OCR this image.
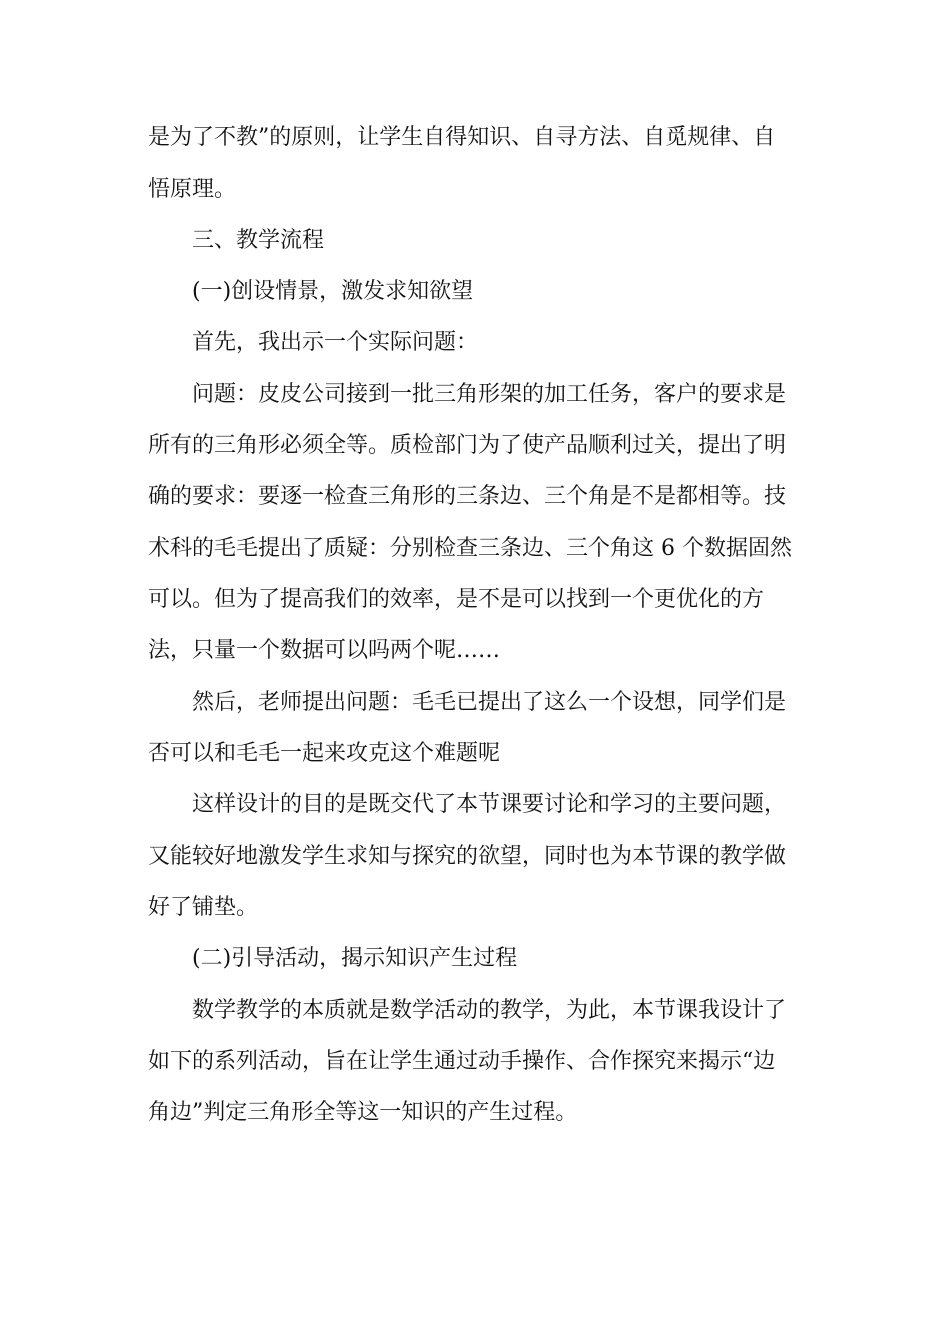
是为了不教”的原则，让学生自得知识、自寻方法、自觅规律、自
悟原理。
三、教学流程
(一)创设情景，激发求知欲望
首先，我出示一个实际问题：
问题：皮皮公司接到一批三角形架的加工任务，客户的要求是
所有的三角形必须全等。质检部门为了使产品顺利过关，提出了明
确的要求：要逐一检查三角形的三条边、三个角是不是都相等。技
术科的毛毛提出了质疑：分别检查三条边、三个角这 6 个数据固然
可以。但为了提高我们的效率，是不是可以找到一个更优化的方
法，只量一个数据可以吗两个呢……
然后，老师提出问题：毛毛已提出了这么一个设想，同学们是
否可以和毛毛一起来攻克这个难题呢
这样设计的目的是既交代了本节课要讨论和学习的主要问题，
又能较好地激发学生求知与探究的欲望，同时也为本节课的教学做
好了铺垫。
(二)引导活动，揭示知识产生过程
数学教学的本质就是数学活动的教学，为此，本节课我设计了
如下的系列活动，旨在让学生通过动手操作、合作探究来揭示“边
角边”判定三角形全等这一知识的产生过程。
